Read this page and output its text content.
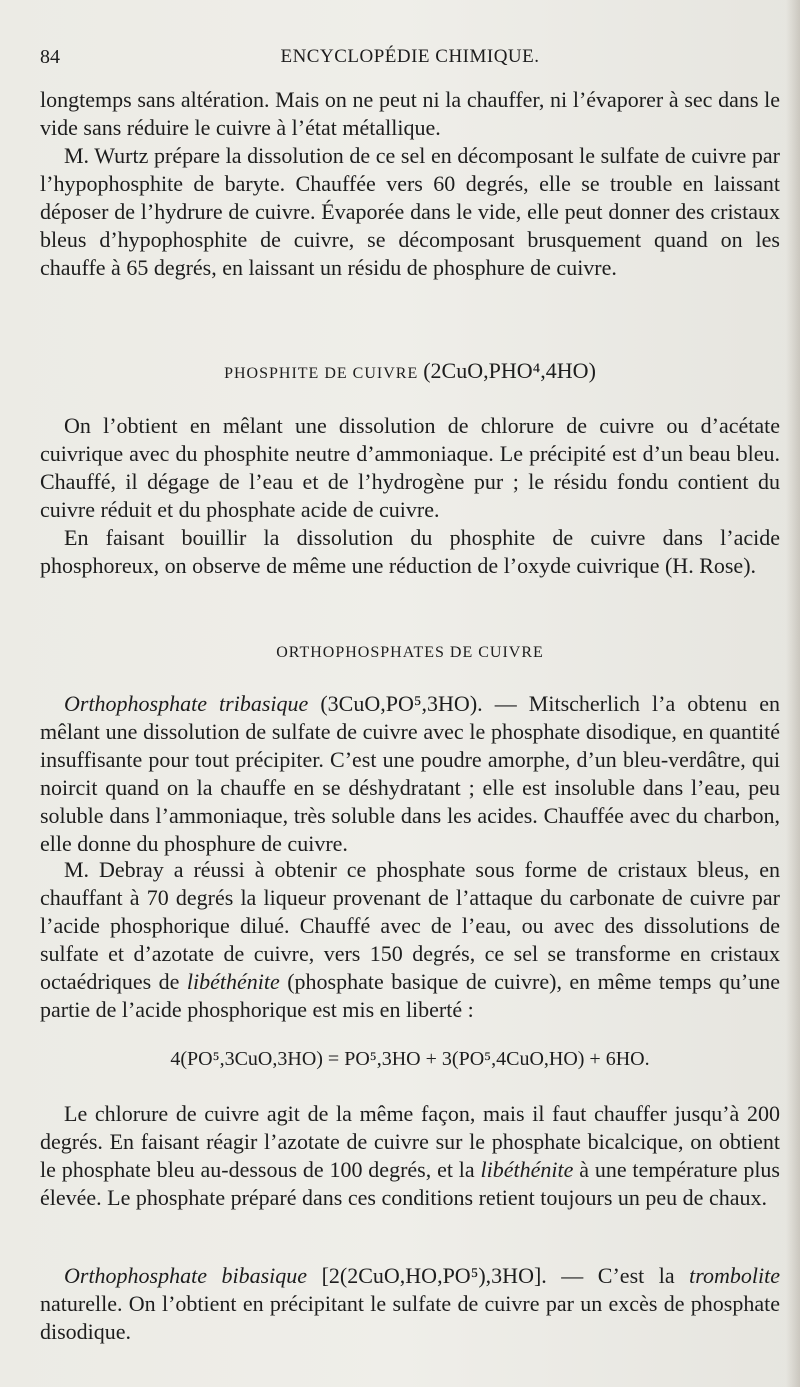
84	ENCYCLOPÉDIE CHIMIQUE.

longtemps sans altération. Mais on ne peut ni la chauffer, ni l’évaporer à sec dans le vide sans réduire le cuivre à l’état métallique.

M. Wurtz prépare la dissolution de ce sel en décomposant le sulfate de cuivre par l’hypophosphite de baryte. Chauffée vers 60 degrés, elle se trouble en laissant déposer de l’hydrure de cuivre. Évaporée dans le vide, elle peut donner des cristaux bleus d’hypophosphite de cuivre, se décomposant brusquement quand on les chauffe à 65 degrés, en laissant un résidu de phosphure de cuivre.

PHOSPHITE DE CUIVRE (2CuO,PHO⁴,4HO)

On l’obtient en mêlant une dissolution de chlorure de cuivre ou d’acétate cuivrique avec du phosphite neutre d’ammoniaque. Le précipité est d’un beau bleu. Chauffé, il dégage de l’eau et de l’hydrogène pur ; le résidu fondu contient du cuivre réduit et du phosphate acide de cuivre.

En faisant bouillir la dissolution du phosphite de cuivre dans l’acide phosphoreux, on observe de même une réduction de l’oxyde cuivrique (H. Rose).

ORTHOPHOSPHATES DE CUIVRE

Orthophosphate tribasique (3CuO,PO⁵,3HO). — Mitscherlich l’a obtenu en mêlant une dissolution de sulfate de cuivre avec le phosphate disodique, en quantité insuffisante pour tout précipiter. C’est une poudre amorphe, d’un bleu-verdâtre, qui noircit quand on la chauffe en se déshydratant ; elle est insoluble dans l’eau, peu soluble dans l’ammoniaque, très soluble dans les acides. Chauffée avec du charbon, elle donne du phosphure de cuivre.

M. Debray a réussi à obtenir ce phosphate sous forme de cristaux bleus, en chauffant à 70 degrés la liqueur provenant de l’attaque du carbonate de cuivre par l’acide phosphorique dilué. Chauffé avec de l’eau, ou avec des dissolutions de sulfate et d’azotate de cuivre, vers 150 degrés, ce sel se transforme en cristaux octaédriques de libéthénite (phosphate basique de cuivre), en même temps qu’une partie de l’acide phosphorique est mis en liberté :

4(PO⁵,3CuO,3HO) = PO⁵,3HO + 3(PO⁵,4CuO,HO) + 6HO.

Le chlorure de cuivre agit de la même façon, mais il faut chauffer jusqu’à 200 degrés. En faisant réagir l’azotate de cuivre sur le phosphate bicalcique, on obtient le phosphate bleu au-dessous de 100 degrés, et la libéthénite à une température plus élevée. Le phosphate préparé dans ces conditions retient toujours un peu de chaux.

Orthophosphate bibasique [2(2CuO,HO,PO⁵),3HO]. — C’est la trombolite naturelle. On l’obtient en précipitant le sulfate de cuivre par un excès de phosphate disodique.
